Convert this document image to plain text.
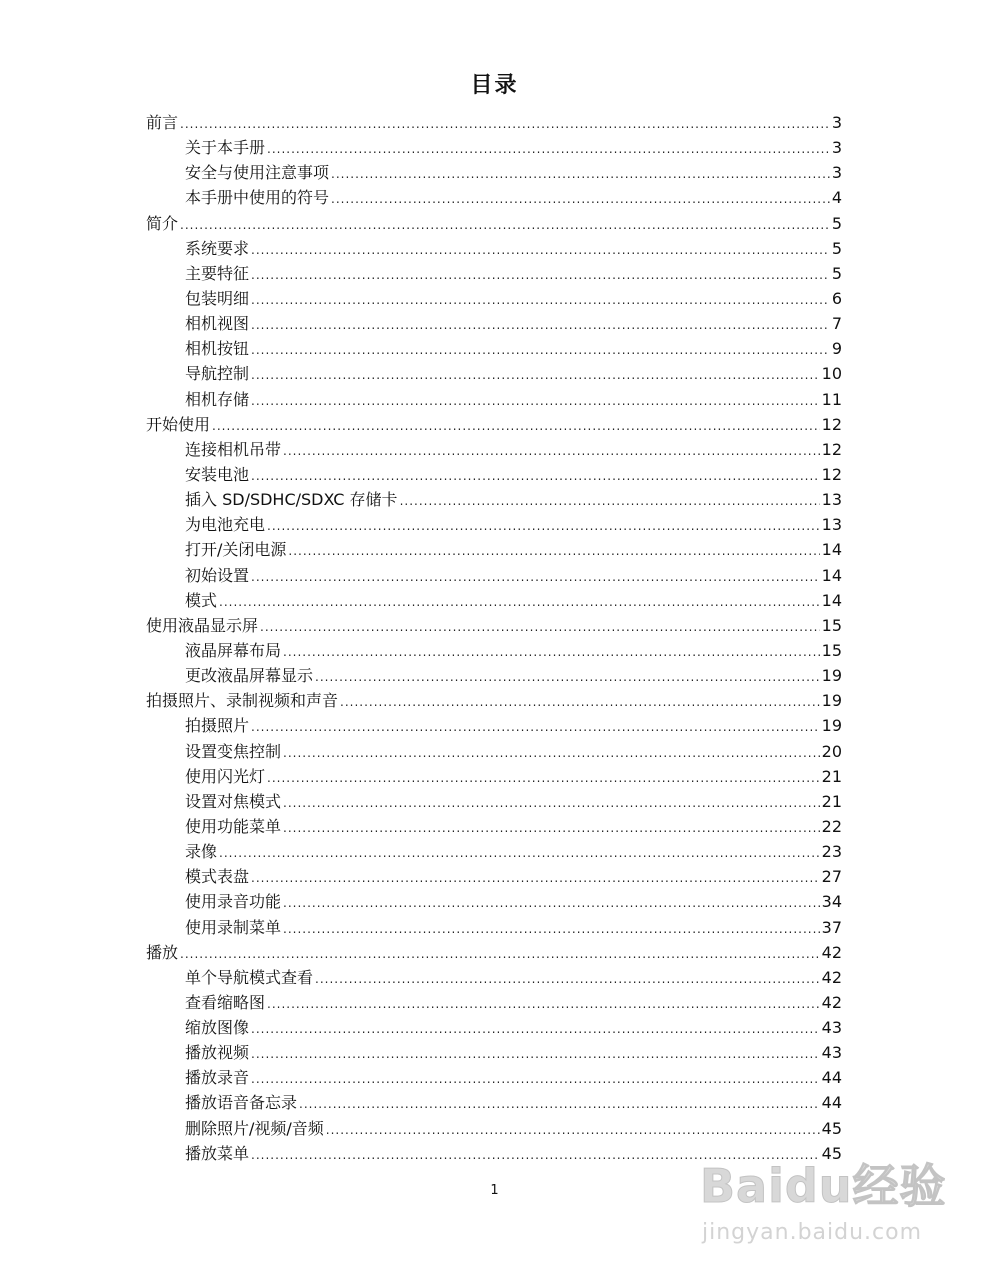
目录
前言 .....	3
关于本手册 .....	3
安全与使用注意事项 .....	3
本手册中使用的符号 .....	4
简介 .....	5
系统要求 .....	5
主要特征 .....	5
包装明细 .....	6
相机视图 .....	7
相机按钮 .....	9
导航控制 .....	10
相机存储 .....	11
开始使用 .....	12
连接相机吊带 .....	12
安装电池 .....	12
插入 SD/SDHC/SDXC 存储卡 .....	13
为电池充电 .....	13
打开/关闭电源 .....	14
初始设置 .....	14
模式 .....	14
使用液晶显示屏 .....	15
液晶屏幕布局 .....	15
更改液晶屏幕显示 .....	19
拍摄照片、录制视频和声音 .....	19
拍摄照片 .....	19
设置变焦控制 .....	20
使用闪光灯 .....	21
设置对焦模式 .....	21
使用功能菜单 .....	22
录像 .....	23
模式表盘 .....	27
使用录音功能 .....	34
使用录制菜单 .....	37
播放 .....	42
单个导航模式查看 .....	42
查看缩略图 .....	42
缩放图像 .....	43
播放视频 .....	43
播放录音 .....	44
播放语音备忘录 .....	44
删除照片/视频/音频 .....	45
播放菜单 .....	45
1	Baidu经验
jingyan.baidu.com
